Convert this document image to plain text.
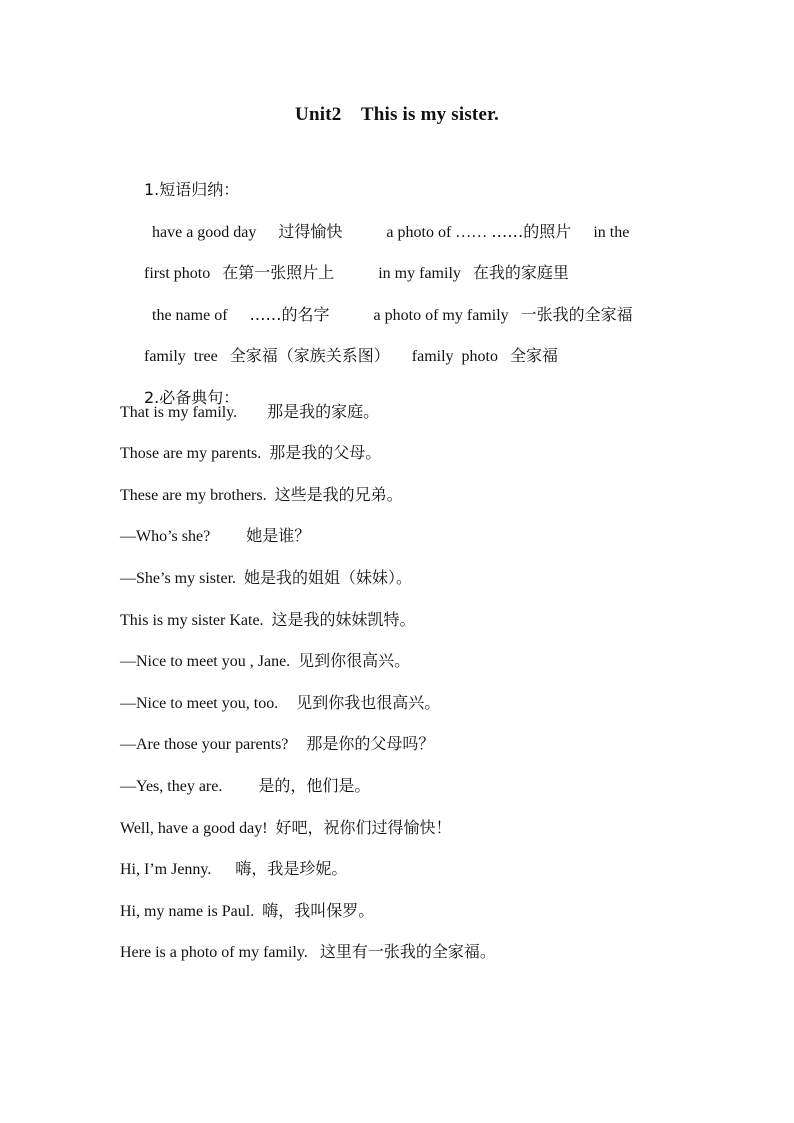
Unit2    This is my sister.

1.短语归纳：

have a good day 过得愉快	a photo of …… ……的照片 in the

first photo 在第一张照片上	in my family 在我的家庭里

the name of ……的名字	a photo of my family 一张我的全家福

family  tree 全家福（家族关系图） family  photo 全家福

2.必备典句：

That is my family. 那是我的家庭。
Those are my parents. 那是我的父母。
These are my brothers. 这些是我的兄弟。
—Who’s she? 她是谁？
—She’s my sister. 她是我的姐姐（妹妹）。
This is my sister Kate. 这是我的妹妹凯特。
—Nice to meet you , Jane. 见到你很高兴。
—Nice to meet you, too. 见到你我也很高兴。
—Are those your parents? 那是你的父母吗？
—Yes, they are. 是的，他们是。
Well, have a good day! 好吧，祝你们过得愉快！
Hi, I’m Jenny. 嗨，我是珍妮。
Hi, my name is Paul. 嗨，我叫保罗。
Here is a photo of my family. 这里有一张我的全家福。
